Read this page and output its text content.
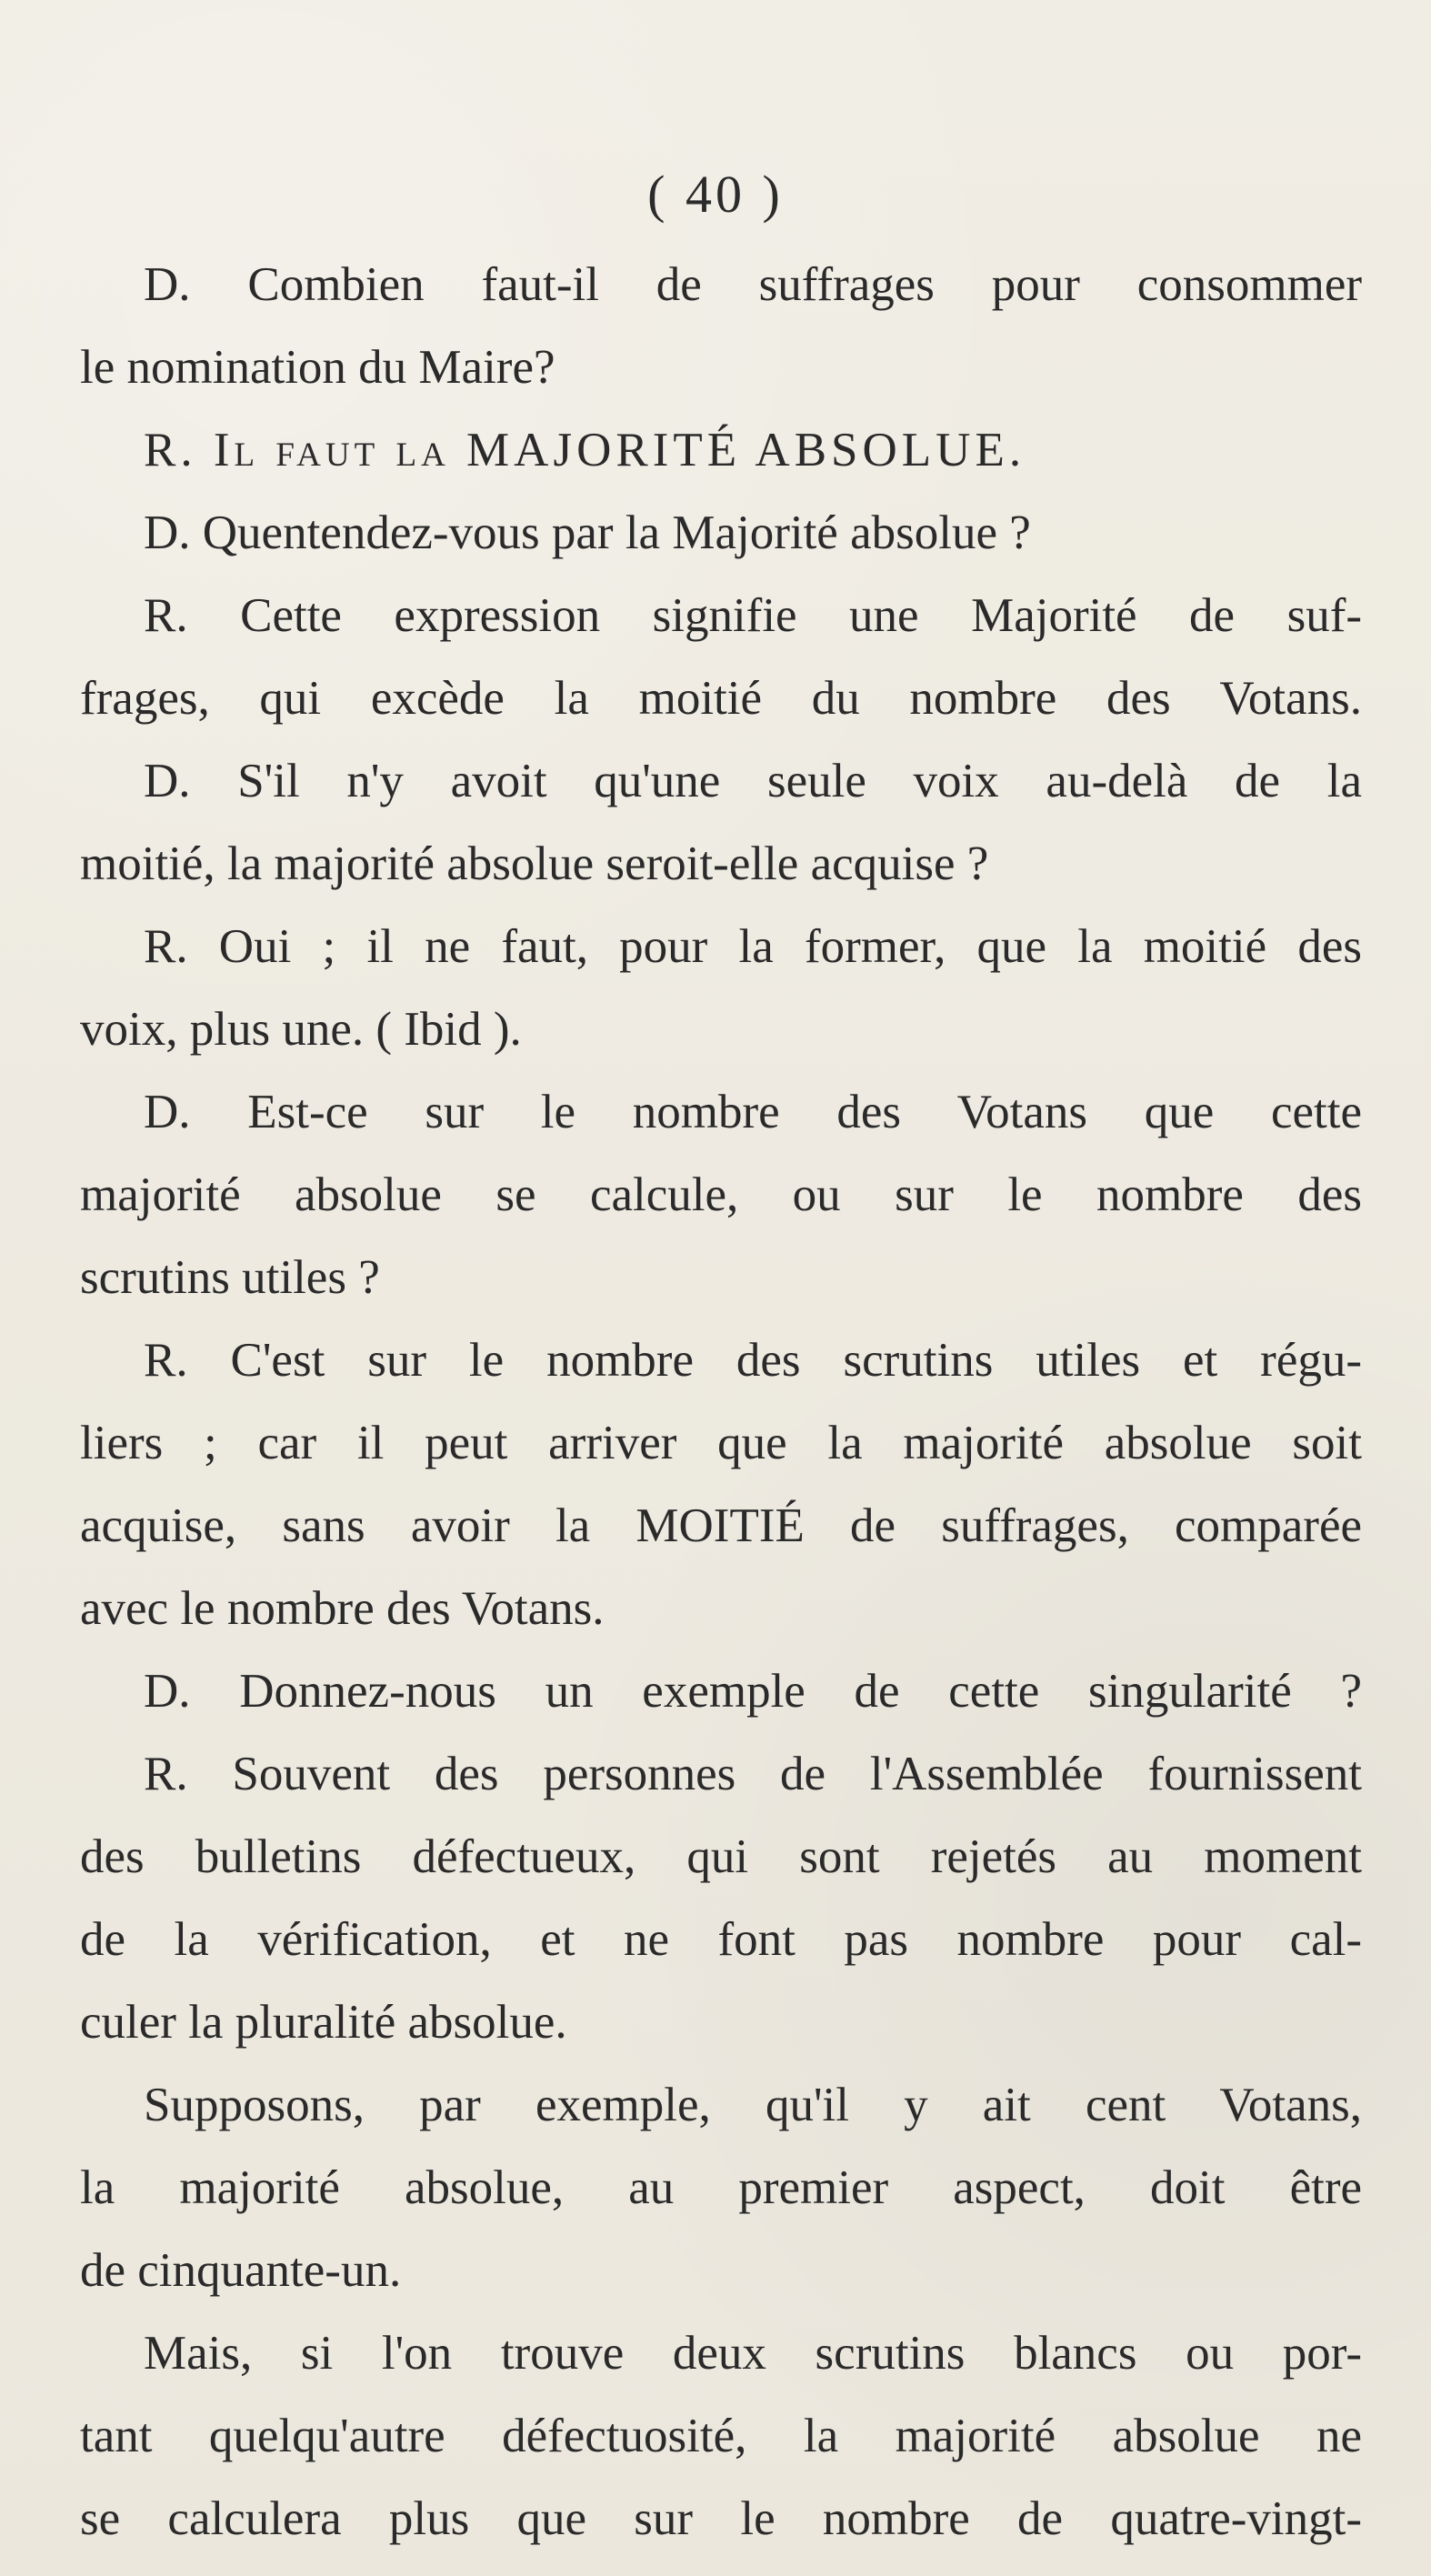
( 40 )
D. Combien faut-il de suffrages pour consommer
le nomination du Maire?
R. Il faut la MAJORITÉ ABSOLUE.
D. Quentendez-vous par la Majorité absolue ?
R. Cette expression signifie une Majorité de suf-
frages, qui excède la moitié du nombre des Votans.
D. S'il n'y avoit qu'une seule voix au-delà de la
moitié, la majorité absolue seroit-elle acquise ?
R. Oui ; il ne faut, pour la former, que la moitié des
voix, plus une. ( Ibid ).
D. Est-ce sur le nombre des Votans que cette
majorité absolue se calcule, ou sur le nombre des
scrutins utiles ?
R. C'est sur le nombre des scrutins utiles et régu-
liers ; car il peut arriver que la majorité absolue soit
acquise, sans avoir la MOITIÉ de suffrages, comparée
avec le nombre des Votans.
D. Donnez-nous un exemple de cette singularité ?
R. Souvent des personnes de l'Assemblée fournissent
des bulletins défectueux, qui sont rejetés au moment
de la vérification, et ne font pas nombre pour cal-
culer la pluralité absolue.
Supposons, par exemple, qu'il y ait cent Votans,
la majorité absolue, au premier aspect, doit être
de cinquante-un.
Mais, si l'on trouve deux scrutins blancs ou por-
tant quelqu'autre défectuosité, la majorité absolue ne
se calculera plus que sur le nombre de quatre-vingt-
